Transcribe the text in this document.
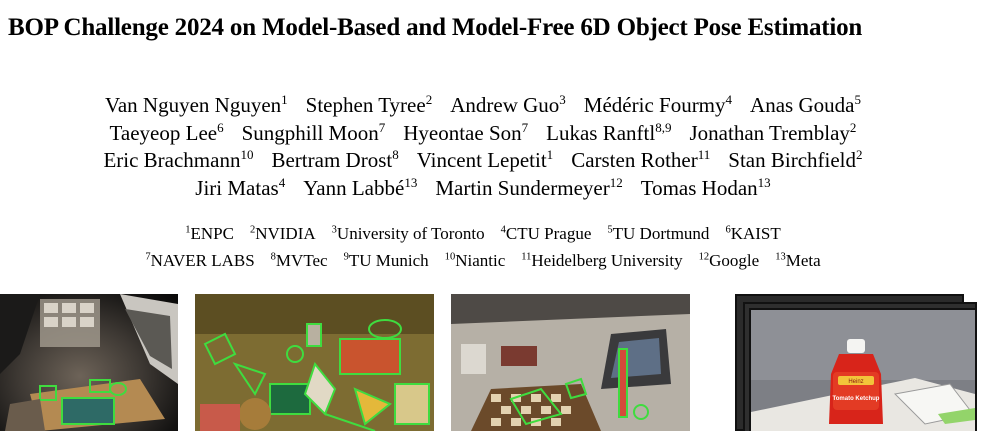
BOP Challenge 2024 on Model-Based and Model-Free 6D Object Pose Estimation
Van Nguyen Nguyen$^1$ Stephen Tyree$^2$ Andrew Guo$^3$ Médéric Fourmy$^4$ Anas Gouda$^5$
Taeyeop Lee$^6$ Sungphill Moon$^7$ Hyeontae Son$^7$ Lukas Ranftl$^{8,9}$ Jonathan Tremblay$^2$
Eric Brachmann$^{10}$ Bertram Drost$^8$ Vincent Lepetit$^1$ Carsten Rother$^{11}$ Stan Birchfield$^2$
Jiri Matas$^4$ Yann Labbé$^{13}$ Martin Sundermeyer$^{12}$ Tomas Hodan$^{13}$
$^1$ENPC $^2$NVIDIA $^3$University of Toronto $^4$CTU Prague $^5$TU Dortmund $^6$KAIST
$^7$NAVER LABS $^8$MVTec $^9$TU Munich $^{10}$Niantic $^{11}$Heidelberg University $^{12}$Google $^{13}$Meta
Heinz
Tomato Ketchup
